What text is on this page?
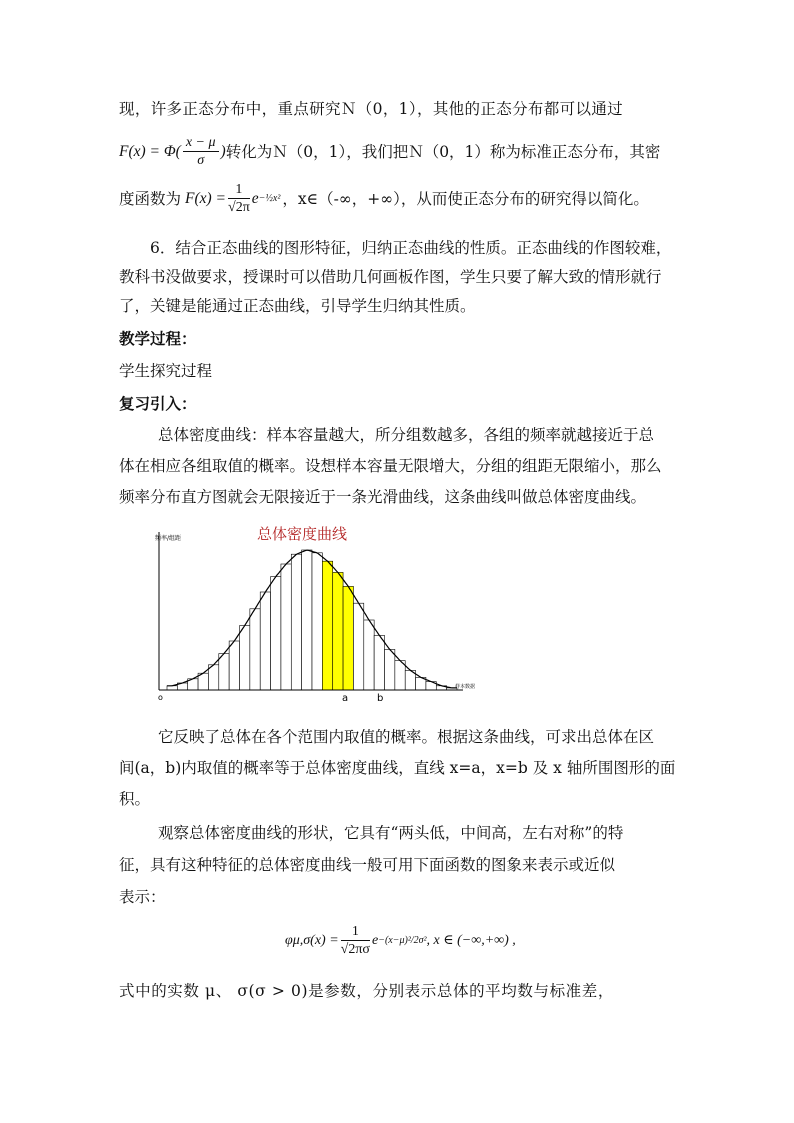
现，许多正态分布中，重点研究Ｎ（0，1），其他的正态分布都可以通过
$F(x) = \Phi( \frac{x - \mu}{\sigma}$ ) 转化为Ｎ（0，1），我们把Ｎ（0，1）称为标准正态分布，其密
度函数为 $F(x) = \frac{1}{√2\pi}$ e −½x² ，x∈（-∞，+∞），从而使正态分布的研究得以简化。
6．结合正态曲线的图形特征，归纳正态曲线的性质。正态曲线的作图较难，
教科书没做要求，授课时可以借助几何画板作图，学生只要了解大致的情形就行
了，关键是能通过正态曲线，引导学生归纳其性质。
教学过程：
学生探究过程
复习引入：
总体密度曲线：样本容量越大，所分组数越多，各组的频率就越接近于总
体在相应各组取值的概率。设想样本容量无限增大，分组的组距无限缩小，那么
频率分布直方图就会无限接近于一条光滑曲线，这条曲线叫做总体密度曲线。
总体密度曲线
频率/组距
样本数据
o	a	b
它反映了总体在各个范围内取值的概率。根据这条曲线，可求出总体在区
间(a，b)内取值的概率等于总体密度曲线，直线 x=a，x=b 及 x 轴所围图形的面
积。
观察总体密度曲线的形状，它具有“两头低，中间高，左右对称”的特
征，具有这种特征的总体密度曲线一般可用下面函数的图象来表示或近似
表示：
$\varphi\mu,\sigma(x) = \frac{1}{√2\pi\sigma}$ e −(x−μ)²/2σ² , x ∈ (−∞,+∞) ,
式中的实数 μ、 σ(σ > 0)是参数，分别表示总体的平均数与标准差，
